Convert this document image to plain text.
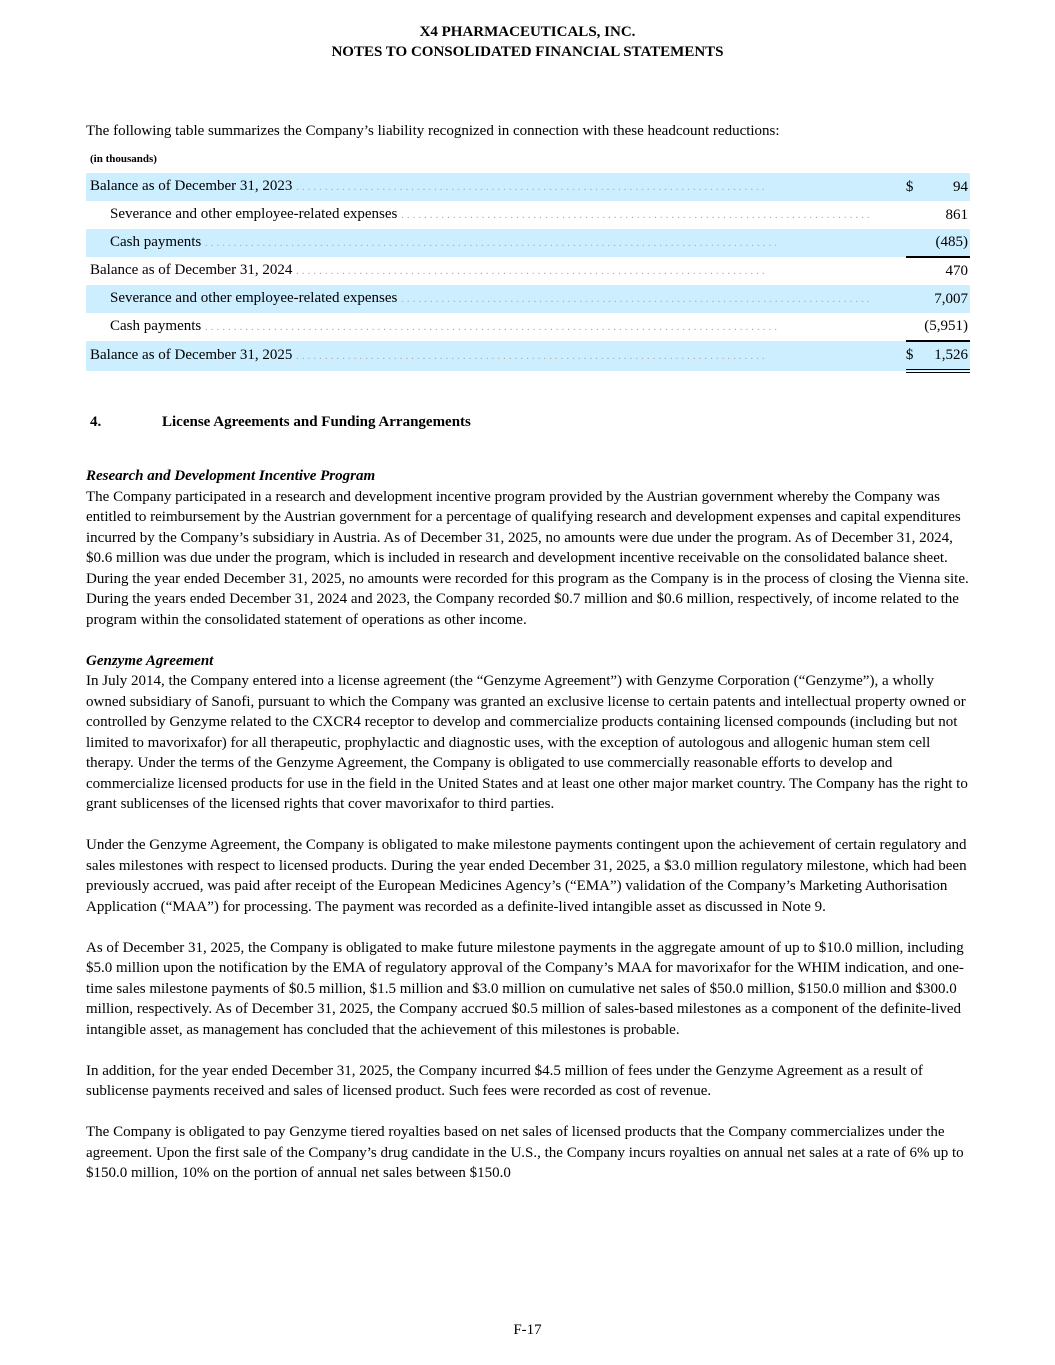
X4 PHARMACEUTICALS, INC.
NOTES TO CONSOLIDATED FINANCIAL STATEMENTS
The following table summarizes the Company’s liability recognized in connection with these headcount reductions:
(in thousands)
Balance as of December 31, 2023 ..................................................................................		$	94
Severance and other employee-related expenses ..................................................................................			861
Cash payments ....................................................................................................			(485)
Balance as of December 31, 2024 ..................................................................................			470
Severance and other employee-related expenses ..................................................................................			7,007
Cash payments ....................................................................................................			(5,951)
Balance as of December 31, 2025 ..................................................................................		$	1,526
4.	License Agreements and Funding Arrangements
Research and Development Incentive Program

The Company participated in a research and development incentive program provided by the Austrian government whereby the Company was entitled to reimbursement by the Austrian government for a percentage of qualifying research and development expenses and capital expenditures incurred by the Company’s subsidiary in Austria. As of December 31, 2025, no amounts were due under the program. As of December 31, 2024, $0.6 million was due under the program, which is included in research and development incentive receivable on the consolidated balance sheet. During the year ended December 31, 2025, no amounts were recorded for this program as the Company is in the process of closing the Vienna site. During the years ended December 31, 2024 and 2023, the Company recorded $0.7 million and $0.6 million, respectively, of income related to the program within the consolidated statement of operations as other income.

Genzyme Agreement

In July 2014, the Company entered into a license agreement (the “Genzyme Agreement”) with Genzyme Corporation (“Genzyme”), a wholly owned subsidiary of Sanofi, pursuant to which the Company was granted an exclusive license to certain patents and intellectual property owned or controlled by Genzyme related to the CXCR4 receptor to develop and commercialize products containing licensed compounds (including but not limited to mavorixafor) for all therapeutic, prophylactic and diagnostic uses, with the exception of autologous and allogenic human stem cell therapy. Under the terms of the Genzyme Agreement, the Company is obligated to use commercially reasonable efforts to develop and commercialize licensed products for use in the field in the United States and at least one other major market country. The Company has the right to grant sublicenses of the licensed rights that cover mavorixafor to third parties.

Under the Genzyme Agreement, the Company is obligated to make milestone payments contingent upon the achievement of certain regulatory and sales milestones with respect to licensed products. During the year ended December 31, 2025, a $3.0 million regulatory milestone, which had been previously accrued, was paid after receipt of the European Medicines Agency’s (“EMA”) validation of the Company’s Marketing Authorisation Application (“MAA”) for processing. The payment was recorded as a definite-lived intangible asset as discussed in Note 9.

As of December 31, 2025, the Company is obligated to make future milestone payments in the aggregate amount of up to $10.0 million, including $5.0 million upon the notification by the EMA of regulatory approval of the Company’s MAA for mavorixafor for the WHIM indication, and one-time sales milestone payments of $0.5 million, $1.5 million and $3.0 million on cumulative net sales of $50.0 million, $150.0 million and $300.0 million, respectively. As of December 31, 2025, the Company accrued $0.5 million of sales-based milestones as a component of the definite-lived intangible asset, as management has concluded that the achievement of this milestones is probable.

In addition, for the year ended December 31, 2025, the Company incurred $4.5 million of fees under the Genzyme Agreement as a result of sublicense payments received and sales of licensed product. Such fees were recorded as cost of revenue.

The Company is obligated to pay Genzyme tiered royalties based on net sales of licensed products that the Company commercializes under the agreement. Upon the first sale of the Company’s drug candidate in the U.S., the Company incurs royalties on annual net sales at a rate of 6% up to $150.0 million, 10% on the portion of annual net sales between $150.0

F-17
